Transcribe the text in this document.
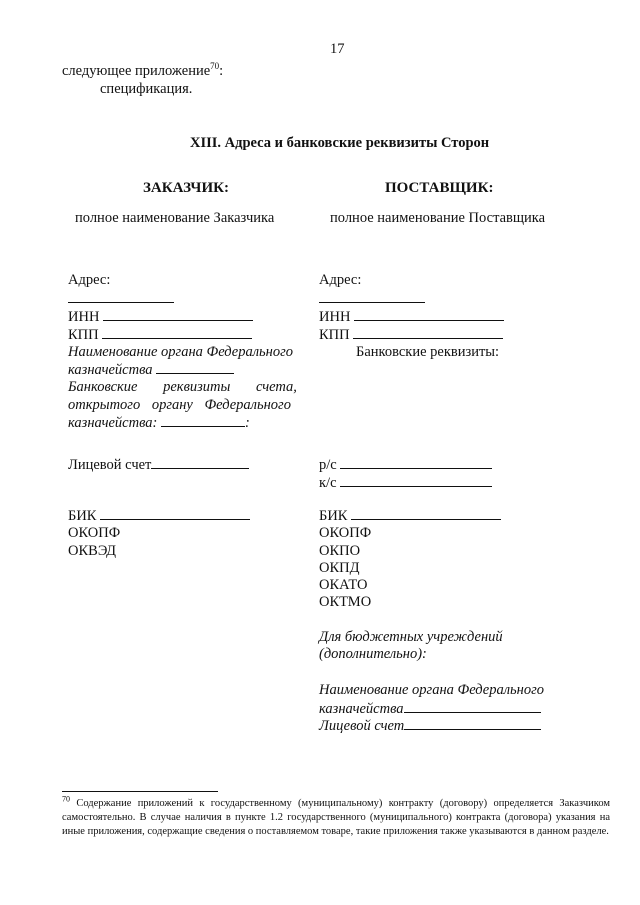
17
следующее приложение$^{70}$:
спецификация.
XIII. Адреса и банковские реквизиты Сторон
ЗАКАЗЧИК:
полное наименование Заказчика
Адрес:
ИНН
КПП
Наименование органа Федерального
казначейства
Банковские реквизиты счета,
открытого органу Федерального
казначейства:	:
Лицевой счет
БИК
ОКОПФ
ОКВЭД
ПОСТАВЩИК:
полное наименование Поставщика
Адрес:
ИНН
КПП
Банковские реквизиты:
р/с
к/с
БИК
ОКОПФ
ОКПО
ОКПД
ОКАТО
ОКТМО
Для бюджетных учреждений
(дополнительно):
Наименование органа Федерального
казначейства
Лицевой счет
$^{70}$ Содержание приложений к государственному (муниципальному) контракту (договору) определяется Заказчиком самостоятельно. В случае наличия в пункте 1.2 государственного (муниципального) контракта (договора) указания на иные приложения, содержащие сведения о поставляемом товаре, такие приложения также указываются в данном разделе.
